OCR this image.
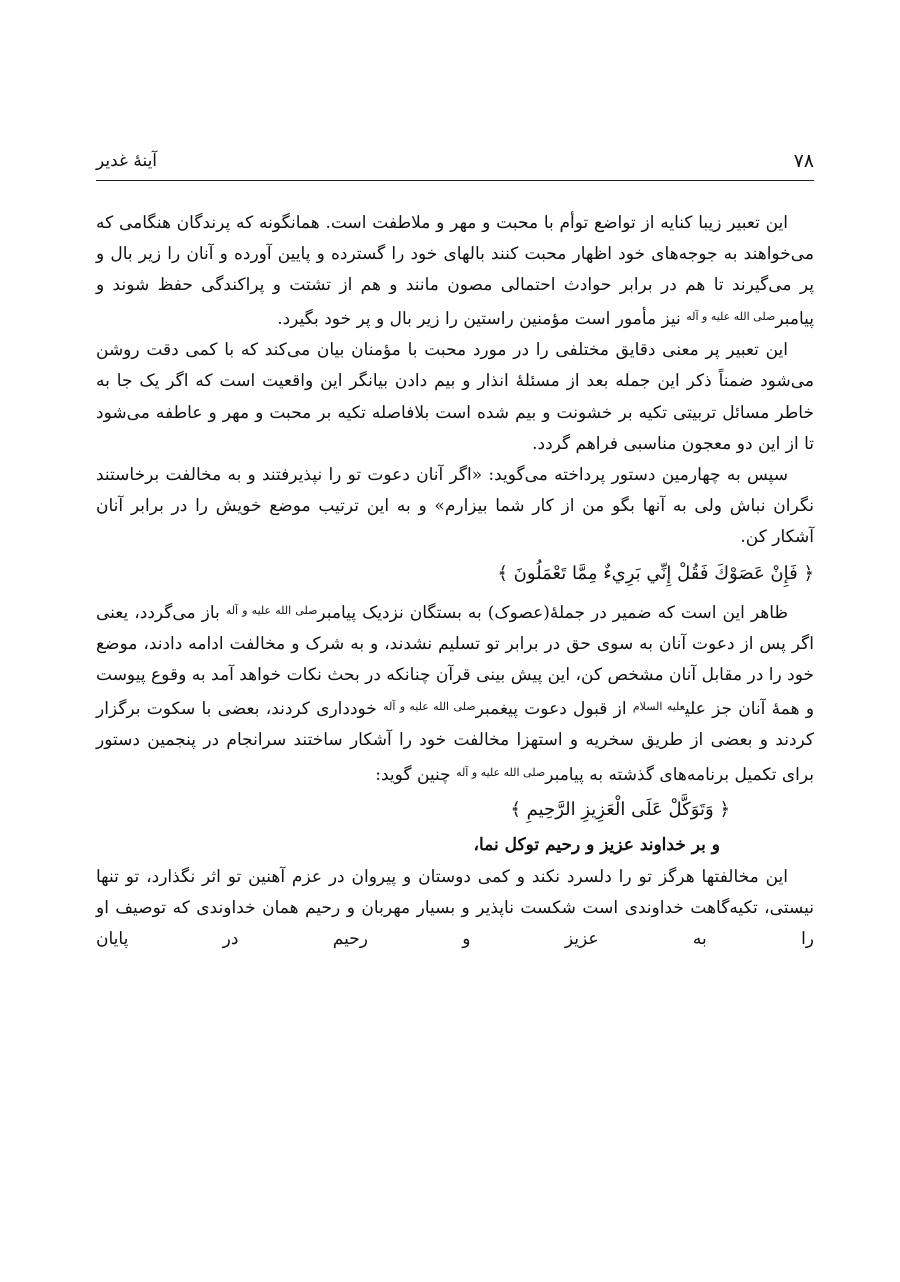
۷۸
آینهٔ غدیر

این تعبیر زیبا کنایه از تواضع توأم با محبت و مهر و ملاطفت است. همانگونه که پرندگان هنگامی که می‌خواهند به جوجه‌های خود اظهار محبت کنند بالهای خود را گسترده و پایین آورده و آنان را زیر بال و پر می‌گیرند تا هم در برابر حوادث احتمالی مصون مانند و هم از تشتت و پراکندگی حفظ شوند و پیامبر$^{صلی الله علیه و آله}$ نیز مأمور است مؤمنین راستین را زیر بال و پر خود بگیرد.

این تعبیر پر معنی دقایق مختلفی را در مورد محبت با مؤمنان بیان می‌کند که با کمی دقت روشن می‌شود ضمناً ذکر این جمله بعد از مسئلهٔ انذار و بیم دادن بیانگر این واقعیت است که اگر یک جا به خاطر مسائل تربیتی تکیه بر خشونت و بیم شده است بلافاصله تکیه بر محبت و مهر و عاطفه می‌شود تا از این دو معجون مناسبی فراهم گردد.

سپس به چهارمین دستور پرداخته می‌گوید: «اگر آنان دعوت تو را نپذیرفتند و به مخالفت برخاستند نگران نباش ولی به آنها بگو من از کار شما بیزارم» و به این ترتیب موضع خویش را در برابر آنان آشکار کن.

﴿ فَإِنْ عَصَوْكَ فَقُلْ إِنِّي بَرِيءٌ مِمَّا تَعْمَلُونَ ﴾

ظاهر این است که ضمیر در جملهٔ(عصوک) به بستگان نزدیک پیامبر$^{صلی الله علیه و آله}$ باز می‌گردد، یعنی اگر پس از دعوت آنان به سوی حق در برابر تو تسلیم نشدند، و به شرک و مخالفت ادامه دادند، موضع خود را در مقابل آنان مشخص کن، این پیش بینی قرآن چنانکه در بحث نکات خواهد آمد به وقوع پیوست و همهٔ آنان جز علی$^{علیه السلام}$ از قبول دعوت پیغمبر$^{صلی الله علیه و آله}$ خودداری کردند، بعضی با سکوت برگزار کردند و بعضی از طریق سخریه و استهزا مخالفت خود را آشکار ساختند سرانجام در پنجمین دستور برای تکمیل برنامه‌های گذشته به پیامبر$^{صلی الله علیه و آله}$ چنین گوید:

﴿ وَتَوَكَّلْ عَلَى الْعَزِيزِ الرَّحِيمِ ﴾

و بر خداوند عزیز و رحیم توکل نما،

این مخالفتها هرگز تو را دلسرد نکند و کمی دوستان و پیروان در عزم آهنین تو اثر نگذارد، تو تنها نیستی، تکیه‌گاهت خداوندی است شکست ناپذیر و بسیار مهربان و رحیم همان خداوندی که توصیف او را به عزیز و رحیم در پایان
